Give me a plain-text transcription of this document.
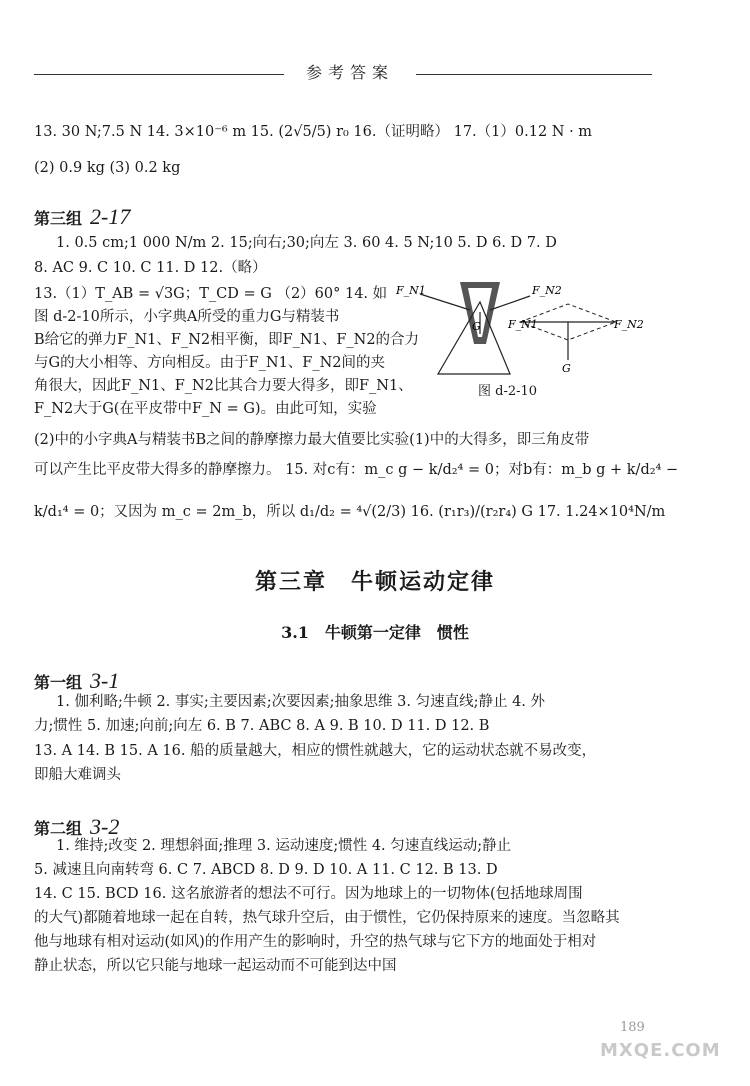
参考答案
13. 30 N;7.5 N 14. 3×10⁻⁶ m 15. (2√5/5) r₀ 16.（证明略） 17.（1）0.12 N · m
(2) 0.9 kg (3) 0.2 kg
第三组 2-17
1. 0.5 cm;1 000 N/m 2. 15;向右;30;向左 3. 60 4. 5 N;10 5. D 6. D 7. D
8. AC 9. C 10. C 11. D 12.（略）
13.（1）T_AB = √3G；T_CD = G （2）60° 14. 如
图 d-2-10所示，小字典A所受的重力G与精装书
B给它的弹力F_N1、F_N2相平衡，即F_N1、F_N2的合力
与G的大小相等、方向相反。由于F_N1、F_N2间的夹
角很大，因此F_N1、F_N2比其合力要大得多，即F_N1、
F_N2大于G(在平皮带中F_N = G)。由此可知，实验
(2)中的小字典A与精装书B之间的静摩擦力最大值要比实验(1)中的大得多，即三角皮带
可以产生比平皮带大得多的静摩擦力。 15. 对c有：m_c g − k/d₂⁴ = 0；对b有：m_b g + k/d₂⁴ −
k/d₁⁴ = 0；又因为 m_c = 2m_b，所以 d₁/d₂ = ⁴√(2/3) 16. (r₁r₃)/(r₂r₄) G 17. 1.24×10⁴N/m
F_N1	F_N2
G F_N1	F_N2
G
图 d-2-10
第三章　牛顿运动定律
3.1　牛顿第一定律　惯性
第一组 3-1
1. 伽利略;牛顿 2. 事实;主要因素;次要因素;抽象思维 3. 匀速直线;静止 4. 外
力;惯性 5. 加速;向前;向左 6. B 7. ABC 8. A 9. B 10. D 11. D 12. B
13. A 14. B 15. A 16. 船的质量越大，相应的惯性就越大，它的运动状态就不易改变，
即船大难调头
第二组 3-2
1. 维持;改变 2. 理想斜面;推理 3. 运动速度;惯性 4. 匀速直线运动;静止
5. 减速且向南转弯 6. C 7. ABCD 8. D 9. D 10. A 11. C 12. B 13. D
14. C 15. BCD 16. 这名旅游者的想法不可行。因为地球上的一切物体(包括地球周围
的大气)都随着地球一起在自转，热气球升空后，由于惯性，它仍保持原来的速度。当忽略其
他与地球有相对运动(如风)的作用产生的影响时，升空的热气球与它下方的地面处于相对
静止状态，所以它只能与地球一起运动而不可能到达中国
189
MXQE.COM
